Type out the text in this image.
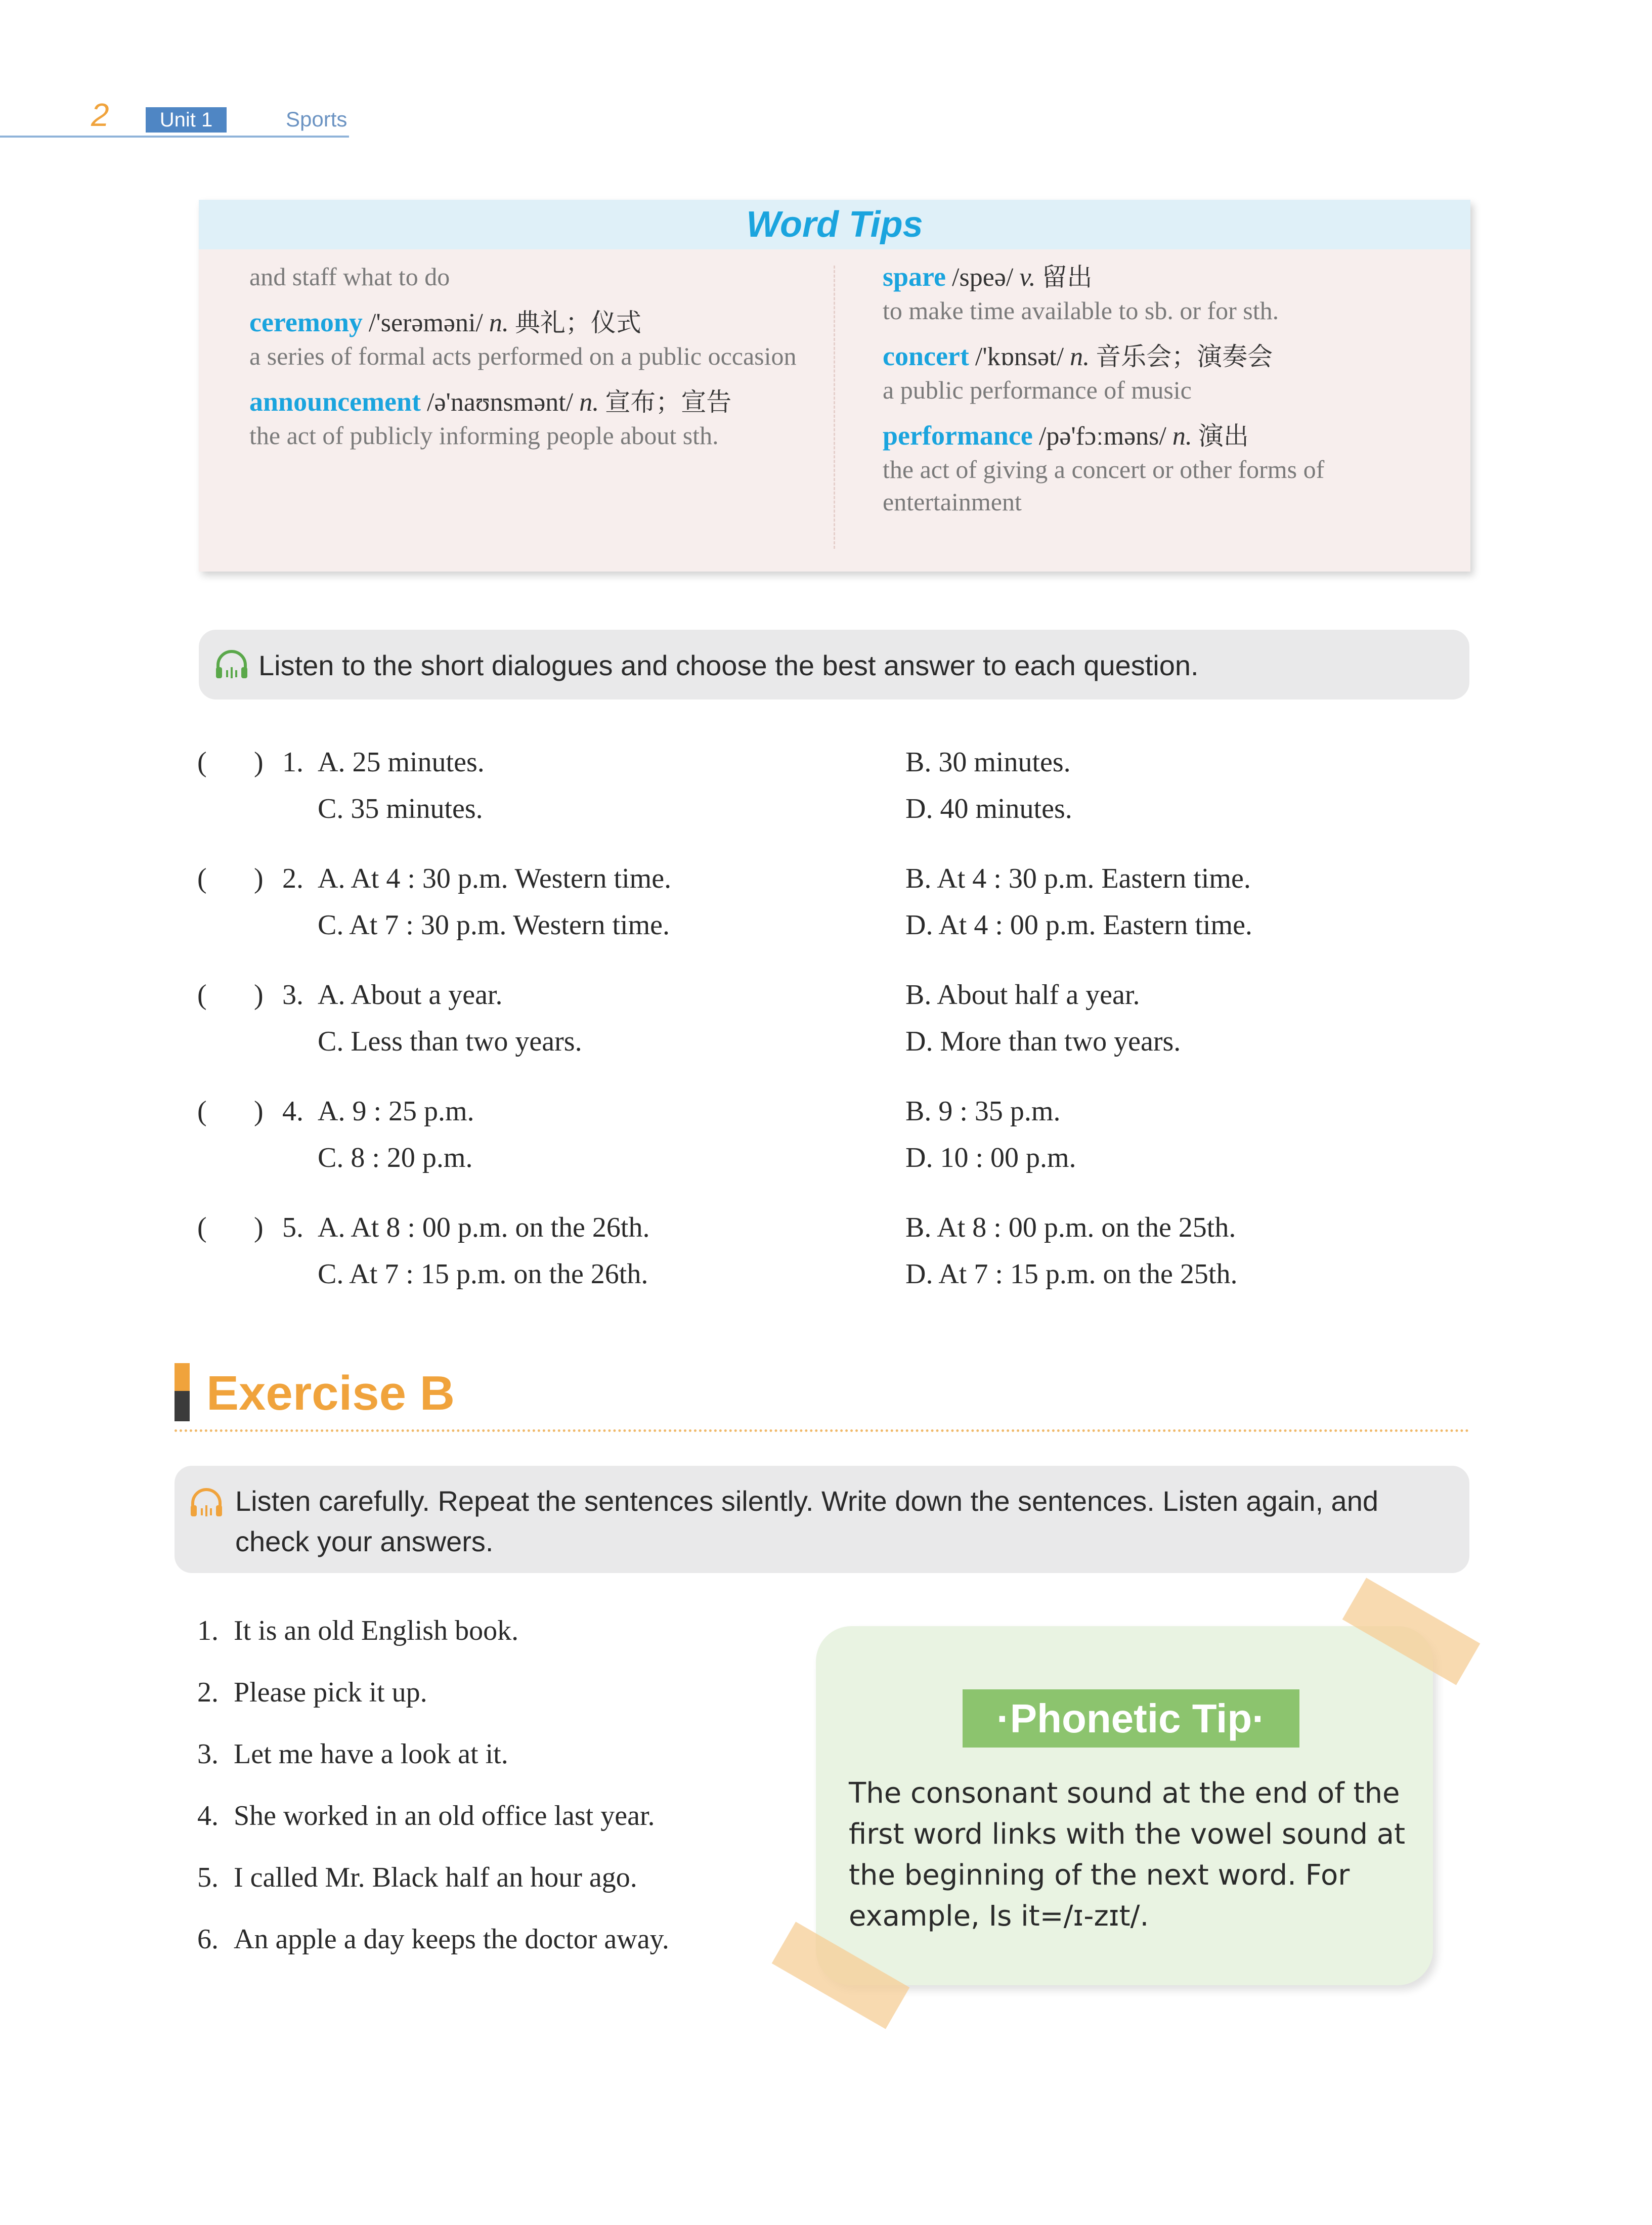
2	Unit 1	Sports
Word Tips
and staff what to do
ceremony /'serəməni/ n. 典礼；仪式
a series of formal acts performed on a public occasion
announcement /ə'naʊnsmənt/ n. 宣布；宣告
the act of publicly informing people about sth.
spare /speə/ v. 留出
to make time available to sb. or for sth.
concert /'kɒnsət/ n. 音乐会；演奏会
a public performance of music
performance /pə'fɔːməns/ n. 演出
the act of giving a concert or other forms of entertainment
Listen to the short dialogues and choose the best answer to each question.
( ) 1. A. 25 minutes.	B. 30 minutes.
C. 35 minutes.	D. 40 minutes.
( ) 2. A. At 4 : 30 p.m. Western time.	B. At 4 : 30 p.m. Eastern time.
C. At 7 : 30 p.m. Western time.	D. At 4 : 00 p.m. Eastern time.
( ) 3. A. About a year.	B. About half a year.
C. Less than two years.	D. More than two years.
( ) 4. A. 9 : 25 p.m.	B. 9 : 35 p.m.
C. 8 : 20 p.m.	D. 10 : 00 p.m.
( ) 5. A. At 8 : 00 p.m. on the 26th.	B. At 8 : 00 p.m. on the 25th.
C. At 7 : 15 p.m. on the 26th.	D. At 7 : 15 p.m. on the 25th.
Exercise B
Listen carefully. Repeat the sentences silently. Write down the sentences. Listen again, and check your answers.
1. It is an old English book.
2. Please pick it up.
3. Let me have a look at it.
4. She worked in an old office last year.
5. I called Mr. Black half an hour ago.
6. An apple a day keeps the doctor away.
·Phonetic Tip·
The consonant sound at the end of the first word links with the vowel sound at the beginning of the next word. For example, Is it=/ɪ-zɪt/.
